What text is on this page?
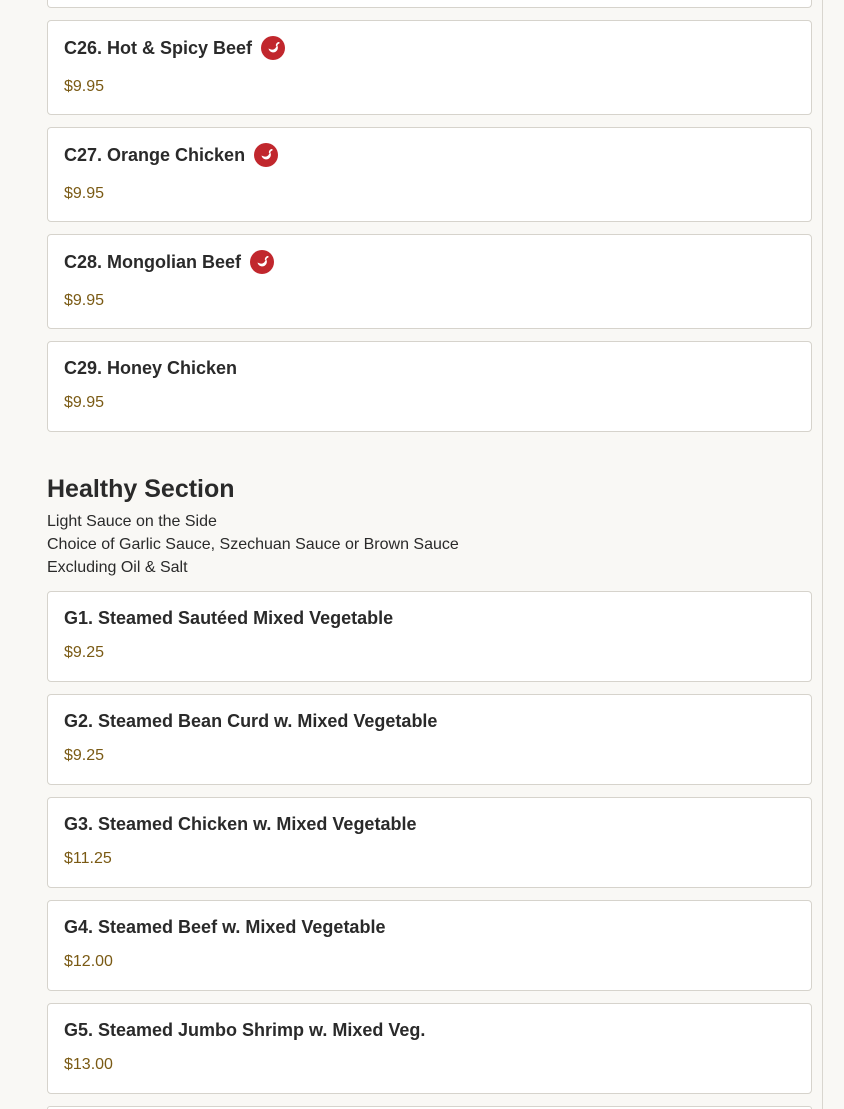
C26. Hot & Spicy Beef
$9.95
C27. Orange Chicken
$9.95
C28. Mongolian Beef
$9.95
C29. Honey Chicken
$9.95
Healthy Section
Light Sauce on the Side
Choice of Garlic Sauce, Szechuan Sauce or Brown Sauce
Excluding Oil & Salt
G1. Steamed Sautéed Mixed Vegetable
$9.25
G2. Steamed Bean Curd w. Mixed Vegetable
$9.25
G3. Steamed Chicken w. Mixed Vegetable
$11.25
G4. Steamed Beef w. Mixed Vegetable
$12.00
G5. Steamed Jumbo Shrimp w. Mixed Veg.
$13.00
